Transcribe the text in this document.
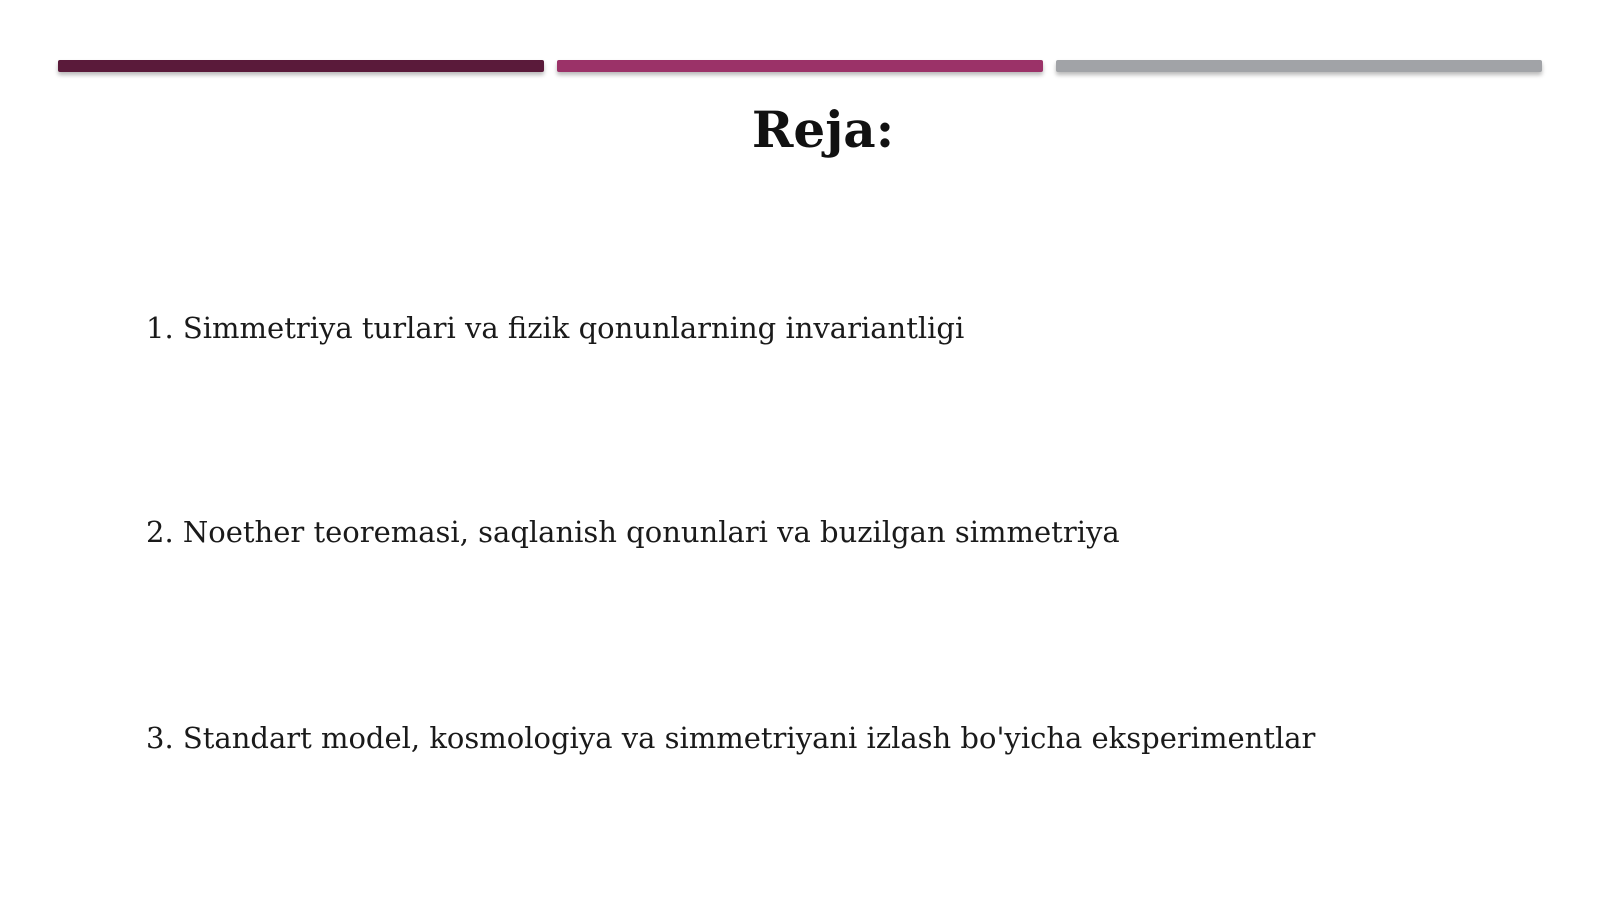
Reja:
1. Simmetriya turlari va fizik qonunlarning invariantligi
2. Noether teoremasi, saqlanish qonunlari va buzilgan simmetriya
3. Standart model, kosmologiya va simmetriyani izlash bo'yicha eksperimentlar
